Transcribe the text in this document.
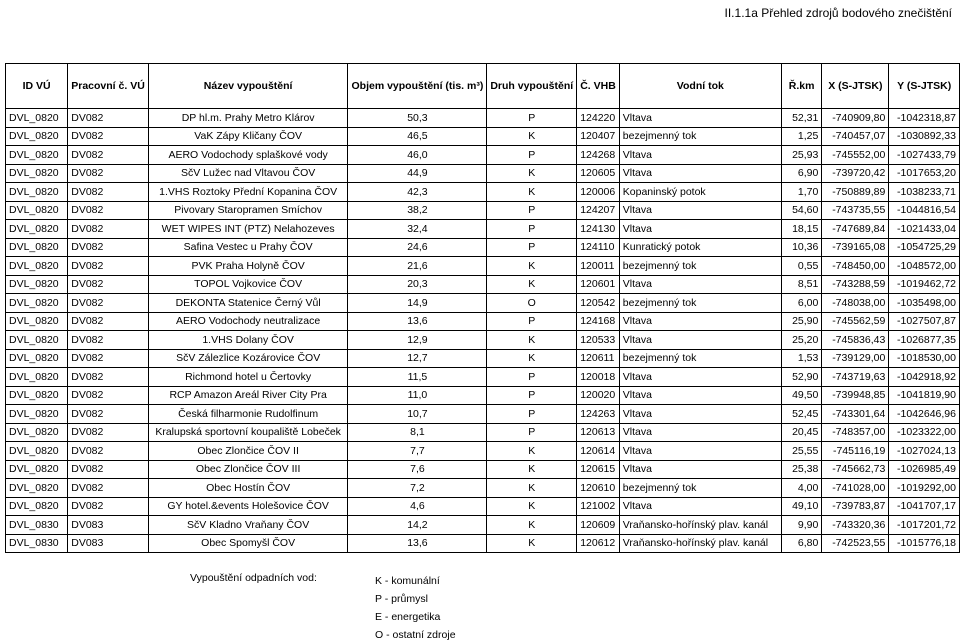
II.1.1a Přehled zdrojů bodového znečištění
ID VÚ	Pracovní č. VÚ	Název vypouštění	Objem vypouštění (tis. m³)	Druh vypouštění	Č. VHB	Vodní tok	Ř.km	X (S-JTSK)	Y (S-JTSK)
DVL_0820	DV082	DP hl.m. Prahy Metro Klárov	50,3	P	124220	Vltava	52,31	-740909,80	-1042318,87
DVL_0820	DV082	VaK Zápy Kličany ČOV	46,5	K	120407	bezejmenný tok	1,25	-740457,07	-1030892,33
DVL_0820	DV082	AERO Vodochody splaškové vody	46,0	P	124268	Vltava	25,93	-745552,00	-1027433,79
DVL_0820	DV082	SčV Lužec nad Vltavou ČOV	44,9	K	120605	Vltava	6,90	-739720,42	-1017653,20
DVL_0820	DV082	1.VHS Roztoky Přední Kopanina ČOV	42,3	K	120006	Kopaninský potok	1,70	-750889,89	-1038233,71
DVL_0820	DV082	Pivovary Staropramen Smíchov	38,2	P	124207	Vltava	54,60	-743735,55	-1044816,54
DVL_0820	DV082	WET WIPES INT (PTZ) Nelahozeves	32,4	P	124130	Vltava	18,15	-747689,84	-1021433,04
DVL_0820	DV082	Safina Vestec u Prahy ČOV	24,6	P	124110	Kunratický potok	10,36	-739165,08	-1054725,29
DVL_0820	DV082	PVK Praha Holyně ČOV	21,6	K	120011	bezejmenný tok	0,55	-748450,00	-1048572,00
DVL_0820	DV082	TOPOL Vojkovice ČOV	20,3	K	120601	Vltava	8,51	-743288,59	-1019462,72
DVL_0820	DV082	DEKONTA Statenice Černý Vůl	14,9	O	120542	bezejmenný tok	6,00	-748038,00	-1035498,00
DVL_0820	DV082	AERO Vodochody neutralizace	13,6	P	124168	Vltava	25,90	-745562,59	-1027507,87
DVL_0820	DV082	1.VHS Dolany ČOV	12,9	K	120533	Vltava	25,20	-745836,43	-1026877,35
DVL_0820	DV082	SčV Zálezlice Kozárovice ČOV	12,7	K	120611	bezejmenný tok	1,53	-739129,00	-1018530,00
DVL_0820	DV082	Richmond hotel u Čertovky	11,5	P	120018	Vltava	52,90	-743719,63	-1042918,92
DVL_0820	DV082	RCP Amazon Areál River City Pra	11,0	P	120020	Vltava	49,50	-739948,85	-1041819,90
DVL_0820	DV082	Česká filharmonie Rudolfinum	10,7	P	124263	Vltava	52,45	-743301,64	-1042646,96
DVL_0820	DV082	Kralupská sportovní koupaliště Lobeček	8,1	P	120613	Vltava	20,45	-748357,00	-1023322,00
DVL_0820	DV082	Obec Zlončice ČOV II	7,7	K	120614	Vltava	25,55	-745116,19	-1027024,13
DVL_0820	DV082	Obec Zlončice ČOV III	7,6	K	120615	Vltava	25,38	-745662,73	-1026985,49
DVL_0820	DV082	Obec Hostín ČOV	7,2	K	120610	bezejmenný tok	4,00	-741028,00	-1019292,00
DVL_0820	DV082	GY hotel.&events Holešovice ČOV	4,6	K	121002	Vltava	49,10	-739783,87	-1041707,17
DVL_0830	DV083	SčV Kladno Vraňany ČOV	14,2	K	120609	Vraňansko-hořínský plav. kanál	9,90	-743320,36	-1017201,72
DVL_0830	DV083	Obec Spomyšl ČOV	13,6	K	120612	Vraňansko-hořínský plav. kanál	6,80	-742523,55	-1015776,18
Vypouštění odpadních vod:	K - komunální
P - průmysl
E - energetika
O - ostatní zdroje
